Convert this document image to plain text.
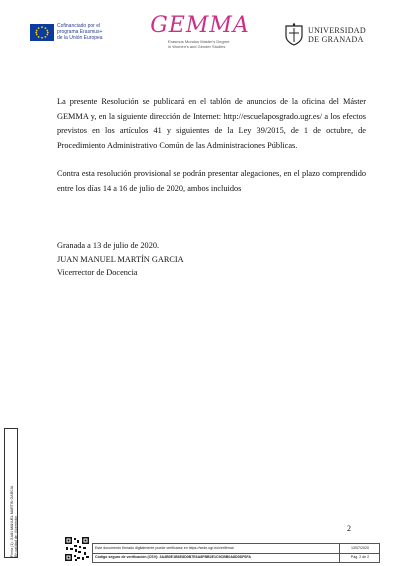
Cofinanciado por el
programa Erasmus+
de la Unión Europea GEMMA
Erasmus Mundus Master's Degree
in Women's and Gender Studies
UNIVERSIDAD
DE GRANADA
La presente Resolución se publicará en el tablón de anuncios de la oficina del Máster GEMMA y, en la siguiente dirección de Internet: http://escuelaposgrado.ugr.es/ a los efectos previstos en los artículos 41 y siguientes de la Ley 39/2015, de 1 de octubre, de Procedimiento Administrativo Común de las Administraciones Públicas.
Contra esta resolución provisional se podrán presentar alegaciones, en el plazo comprendido entre los días 14 a 16 de julio de 2020, ambos incluidos
Granada a 13 de julio de 2020.
JUAN MANUEL MARTÍN GARCIA
Vicerrector de Docencia
2
Firma (1): JUAN MANUEL MARTIN GARCIA En calidad de: Vicerrector	Este documento firmado digitalmente puede verificarse en https://sede.ugr.es/verifirma/	13/07/2020
Código seguro de verificación (CSV): 3A4B0E1B6E8D0B7E6A8FBB2E1C9CBB0A8D0DF6FA	Pág. 2 de 2
